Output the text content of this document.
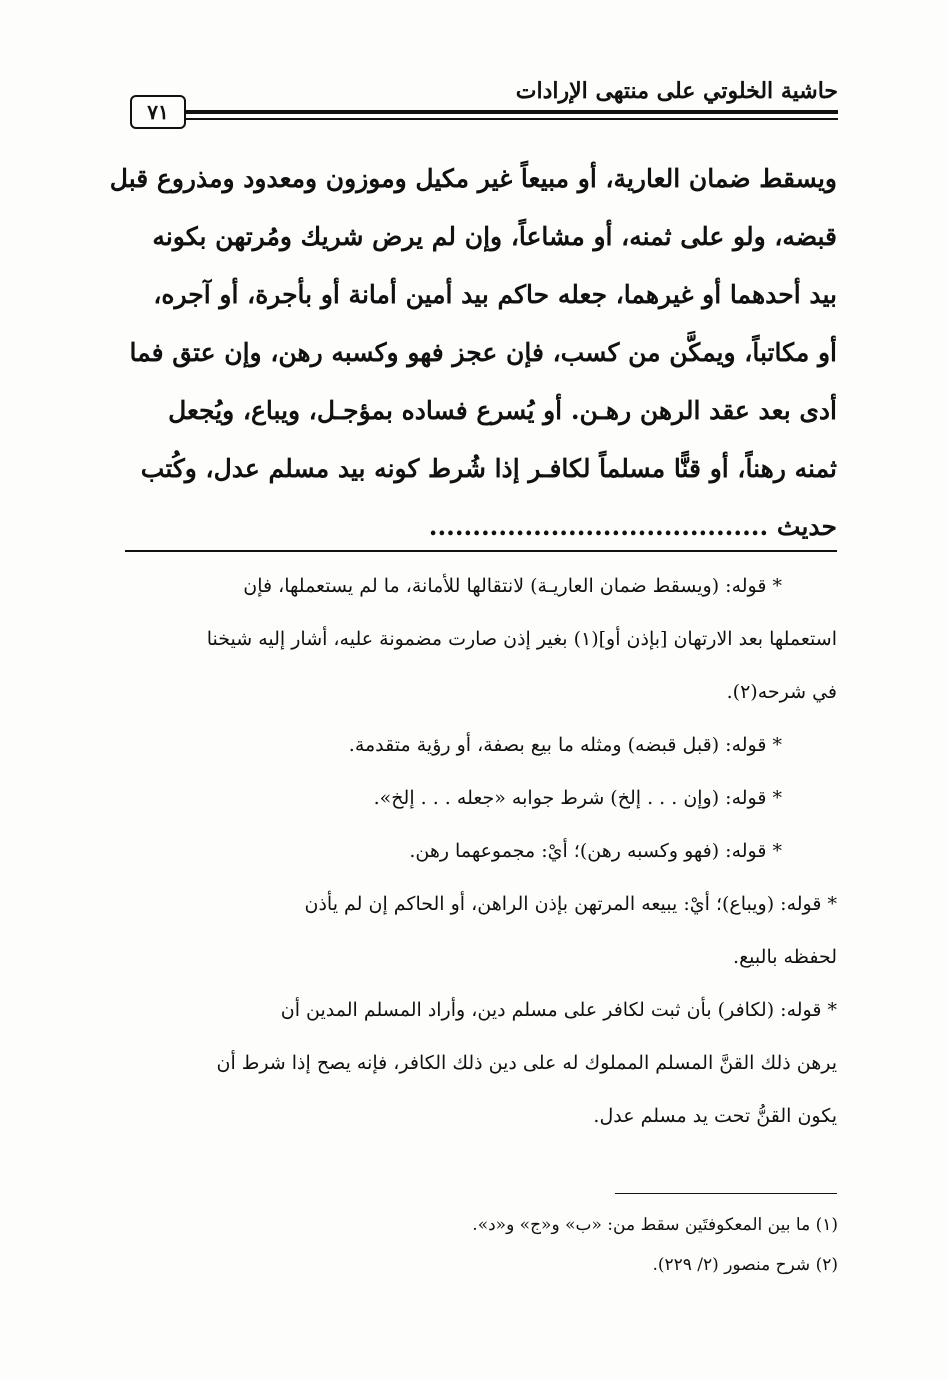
حاشية الخلوتي على منتهى الإرادات
٧١
ويسقط ضمان العارية، أو مبيعاً غير مكيل وموزون ومعدود ومذروع قبل
قبضه، ولو على ثمنه، أو مشاعاً، وإن لم يرض شريك ومُرتهن بكونه
بيد أحدهما أو غيرهما، جعله حاكم بيد أمين أمانة أو بأجرة، أو آجره،
أو مكاتباً، ويمكَّن من كسب، فإن عجز فهو وكسبه رهن، وإن عتق فما
أدى بعد عقد الرهن رهـن. أو يُسرع فساده بمؤجـل، ويباع، ويُجعل
ثمنه رهناً، أو قنًّا مسلماً لكافـر إذا شُرط كونه بيد مسلم عدل، وكُتب
حديث .......................................
* قوله: (ويسقط ضمان العاريـة) لانتقالها للأمانة، ما لم يستعملها، فإن
استعملها بعد الارتهان [بإذن أو](١) بغير إذن صارت مضمونة عليه، أشار إليه شيخنا
في شرحه(٢).
* قوله: (قبل قبضه) ومثله ما بيع بصفة، أو رؤية متقدمة.
* قوله: (وإن . . . إلخ) شرط جوابه «جعله . . . إلخ».
* قوله: (فهو وكسبه رهن)؛ أيْ: مجموعهما رهن.
* قوله: (ويباع)؛ أيْ: يبيعه المرتهن بإذن الراهن، أو الحاكم إن لم يأذن
لحفظه بالبيع.
* قوله: (لكافر) بأن ثبت لكافر على مسلم دين، وأراد المسلم المدين أن
يرهن ذلك القنَّ المسلم المملوك له على دين ذلك الكافر، فإنه يصح إذا شرط أن
يكون القنُّ تحت يد مسلم عدل.
(١) ما بين المعكوفتَين سقط من: «ب» و«ج» و«د».
(٢) شرح منصور (٢/ ٢٢٩).
